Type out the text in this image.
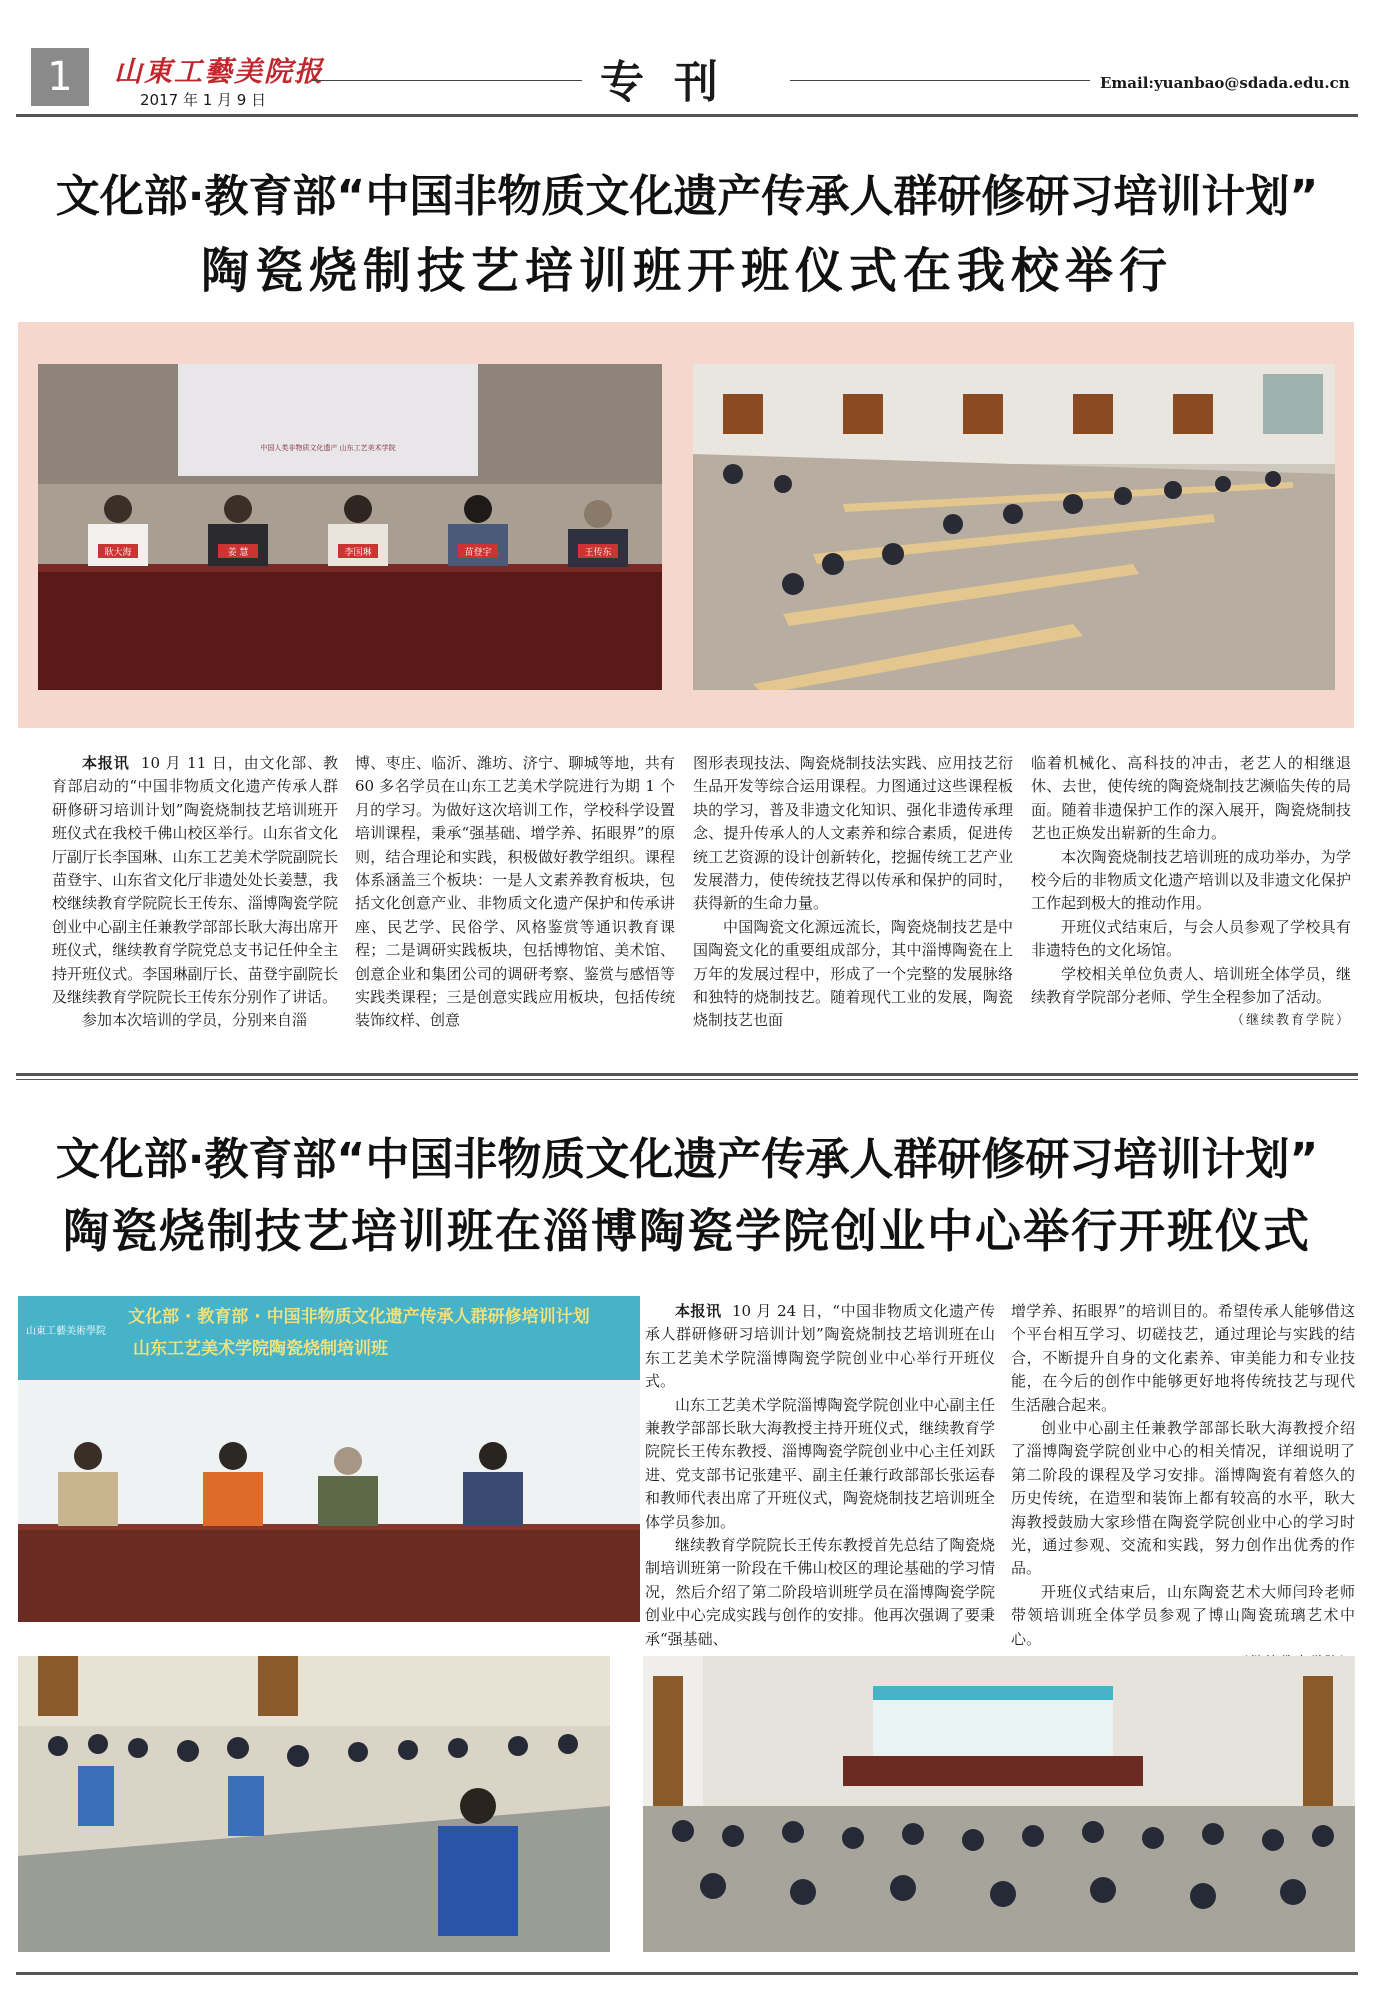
1	山東工藝美院报
2017 年 1 月 9 日	专刊	Email:yuanbao@sdada.edu.cn
文化部·教育部“中国非物质文化遗产传承人群研修研习培训计划”
陶瓷烧制技艺培训班开班仪式在我校举行
中国人类非物质文化遗产 山东工艺美术学院
耿大海	姜 慧	李国琳	苗登宇	王传东

本报讯 10 月 11 日，由文化部、教育部启动的“中国非物质文化遗产传承人群研修研习培训计划”陶瓷烧制技艺培训班开班仪式在我校千佛山校区举行。山东省文化厅副厅长李国琳、山东工艺美术学院副院长苗登宇、山东省文化厅非遗处处长姜慧，我校继续教育学院院长王传东、淄博陶瓷学院创业中心副主任兼教学部部长耿大海出席开班仪式，继续教育学院党总支书记任仲全主持开班仪式。李国琳副厅长、苗登宇副院长及继续教育学院院长王传东分别作了讲话。

参加本次培训的学员，分别来自淄

博、枣庄、临沂、潍坊、济宁、聊城等地，共有 60 多名学员在山东工艺美术学院进行为期 1 个月的学习。为做好这次培训工作，学校科学设置培训课程，秉承“强基础、增学养、拓眼界”的原则，结合理论和实践，积极做好教学组织。课程体系涵盖三个板块：一是人文素养教育板块，包括文化创意产业、非物质文化遗产保护和传承讲座、民艺学、民俗学、风格鉴赏等通识教育课程；二是调研实践板块，包括博物馆、美术馆、创意企业和集团公司的调研考察、鉴赏与感悟等实践类课程；三是创意实践应用板块，包括传统装饰纹样、创意

图形表现技法、陶瓷烧制技法实践、应用技艺衍生品开发等综合运用课程。力图通过这些课程板块的学习，普及非遗文化知识、强化非遗传承理念、提升传承人的人文素养和综合素质，促进传统工艺资源的设计创新转化，挖掘传统工艺产业发展潜力，使传统技艺得以传承和保护的同时，获得新的生命力量。

中国陶瓷文化源远流长，陶瓷烧制技艺是中国陶瓷文化的重要组成部分，其中淄博陶瓷在上万年的发展过程中，形成了一个完整的发展脉络和独特的烧制技艺。随着现代工业的发展，陶瓷烧制技艺也面

临着机械化、高科技的冲击，老艺人的相继退休、去世，使传统的陶瓷烧制技艺濒临失传的局面。随着非遗保护工作的深入展开，陶瓷烧制技艺也正焕发出崭新的生命力。

本次陶瓷烧制技艺培训班的成功举办，为学校今后的非物质文化遗产培训以及非遗文化保护工作起到极大的推动作用。

开班仪式结束后，与会人员参观了学校具有非遗特色的文化场馆。

学校相关单位负责人、培训班全体学员，继续教育学院部分老师、学生全程参加了活动。

（继续教育学院）
文化部·教育部“中国非物质文化遗产传承人群研修研习培训计划”
陶瓷烧制技艺培训班在淄博陶瓷学院创业中心举行开班仪式
山東工藝美術學院
文化部 · 教育部 · 中国非物质文化遗产传承人群研修培训计划
山东工艺美术学院陶瓷烧制培训班

本报讯 10 月 24 日，“中国非物质文化遗产传承人群研修研习培训计划”陶瓷烧制技艺培训班在山东工艺美术学院淄博陶瓷学院创业中心举行开班仪式。

山东工艺美术学院淄博陶瓷学院创业中心副主任兼教学部部长耿大海教授主持开班仪式，继续教育学院院长王传东教授、淄博陶瓷学院创业中心主任刘跃进、党支部书记张建平、副主任兼行政部部长张运春和教师代表出席了开班仪式，陶瓷烧制技艺培训班全体学员参加。

继续教育学院院长王传东教授首先总结了陶瓷烧制培训班第一阶段在千佛山校区的理论基础的学习情况，然后介绍了第二阶段培训班学员在淄博陶瓷学院创业中心完成实践与创作的安排。他再次强调了要秉承“强基础、

增学养、拓眼界”的培训目的。希望传承人能够借这个平台相互学习、切磋技艺，通过理论与实践的结合，不断提升自身的文化素养、审美能力和专业技能，在今后的创作中能够更好地将传统技艺与现代生活融合起来。

创业中心副主任兼教学部部长耿大海教授介绍了淄博陶瓷学院创业中心的相关情况，详细说明了第二阶段的课程及学习安排。淄博陶瓷有着悠久的历史传统，在造型和装饰上都有较高的水平，耿大海教授鼓励大家珍惜在陶瓷学院创业中心的学习时光，通过参观、交流和实践，努力创作出优秀的作品。

开班仪式结束后，山东陶瓷艺术大师闫玲老师带领培训班全体学员参观了博山陶瓷琉璃艺术中心。
